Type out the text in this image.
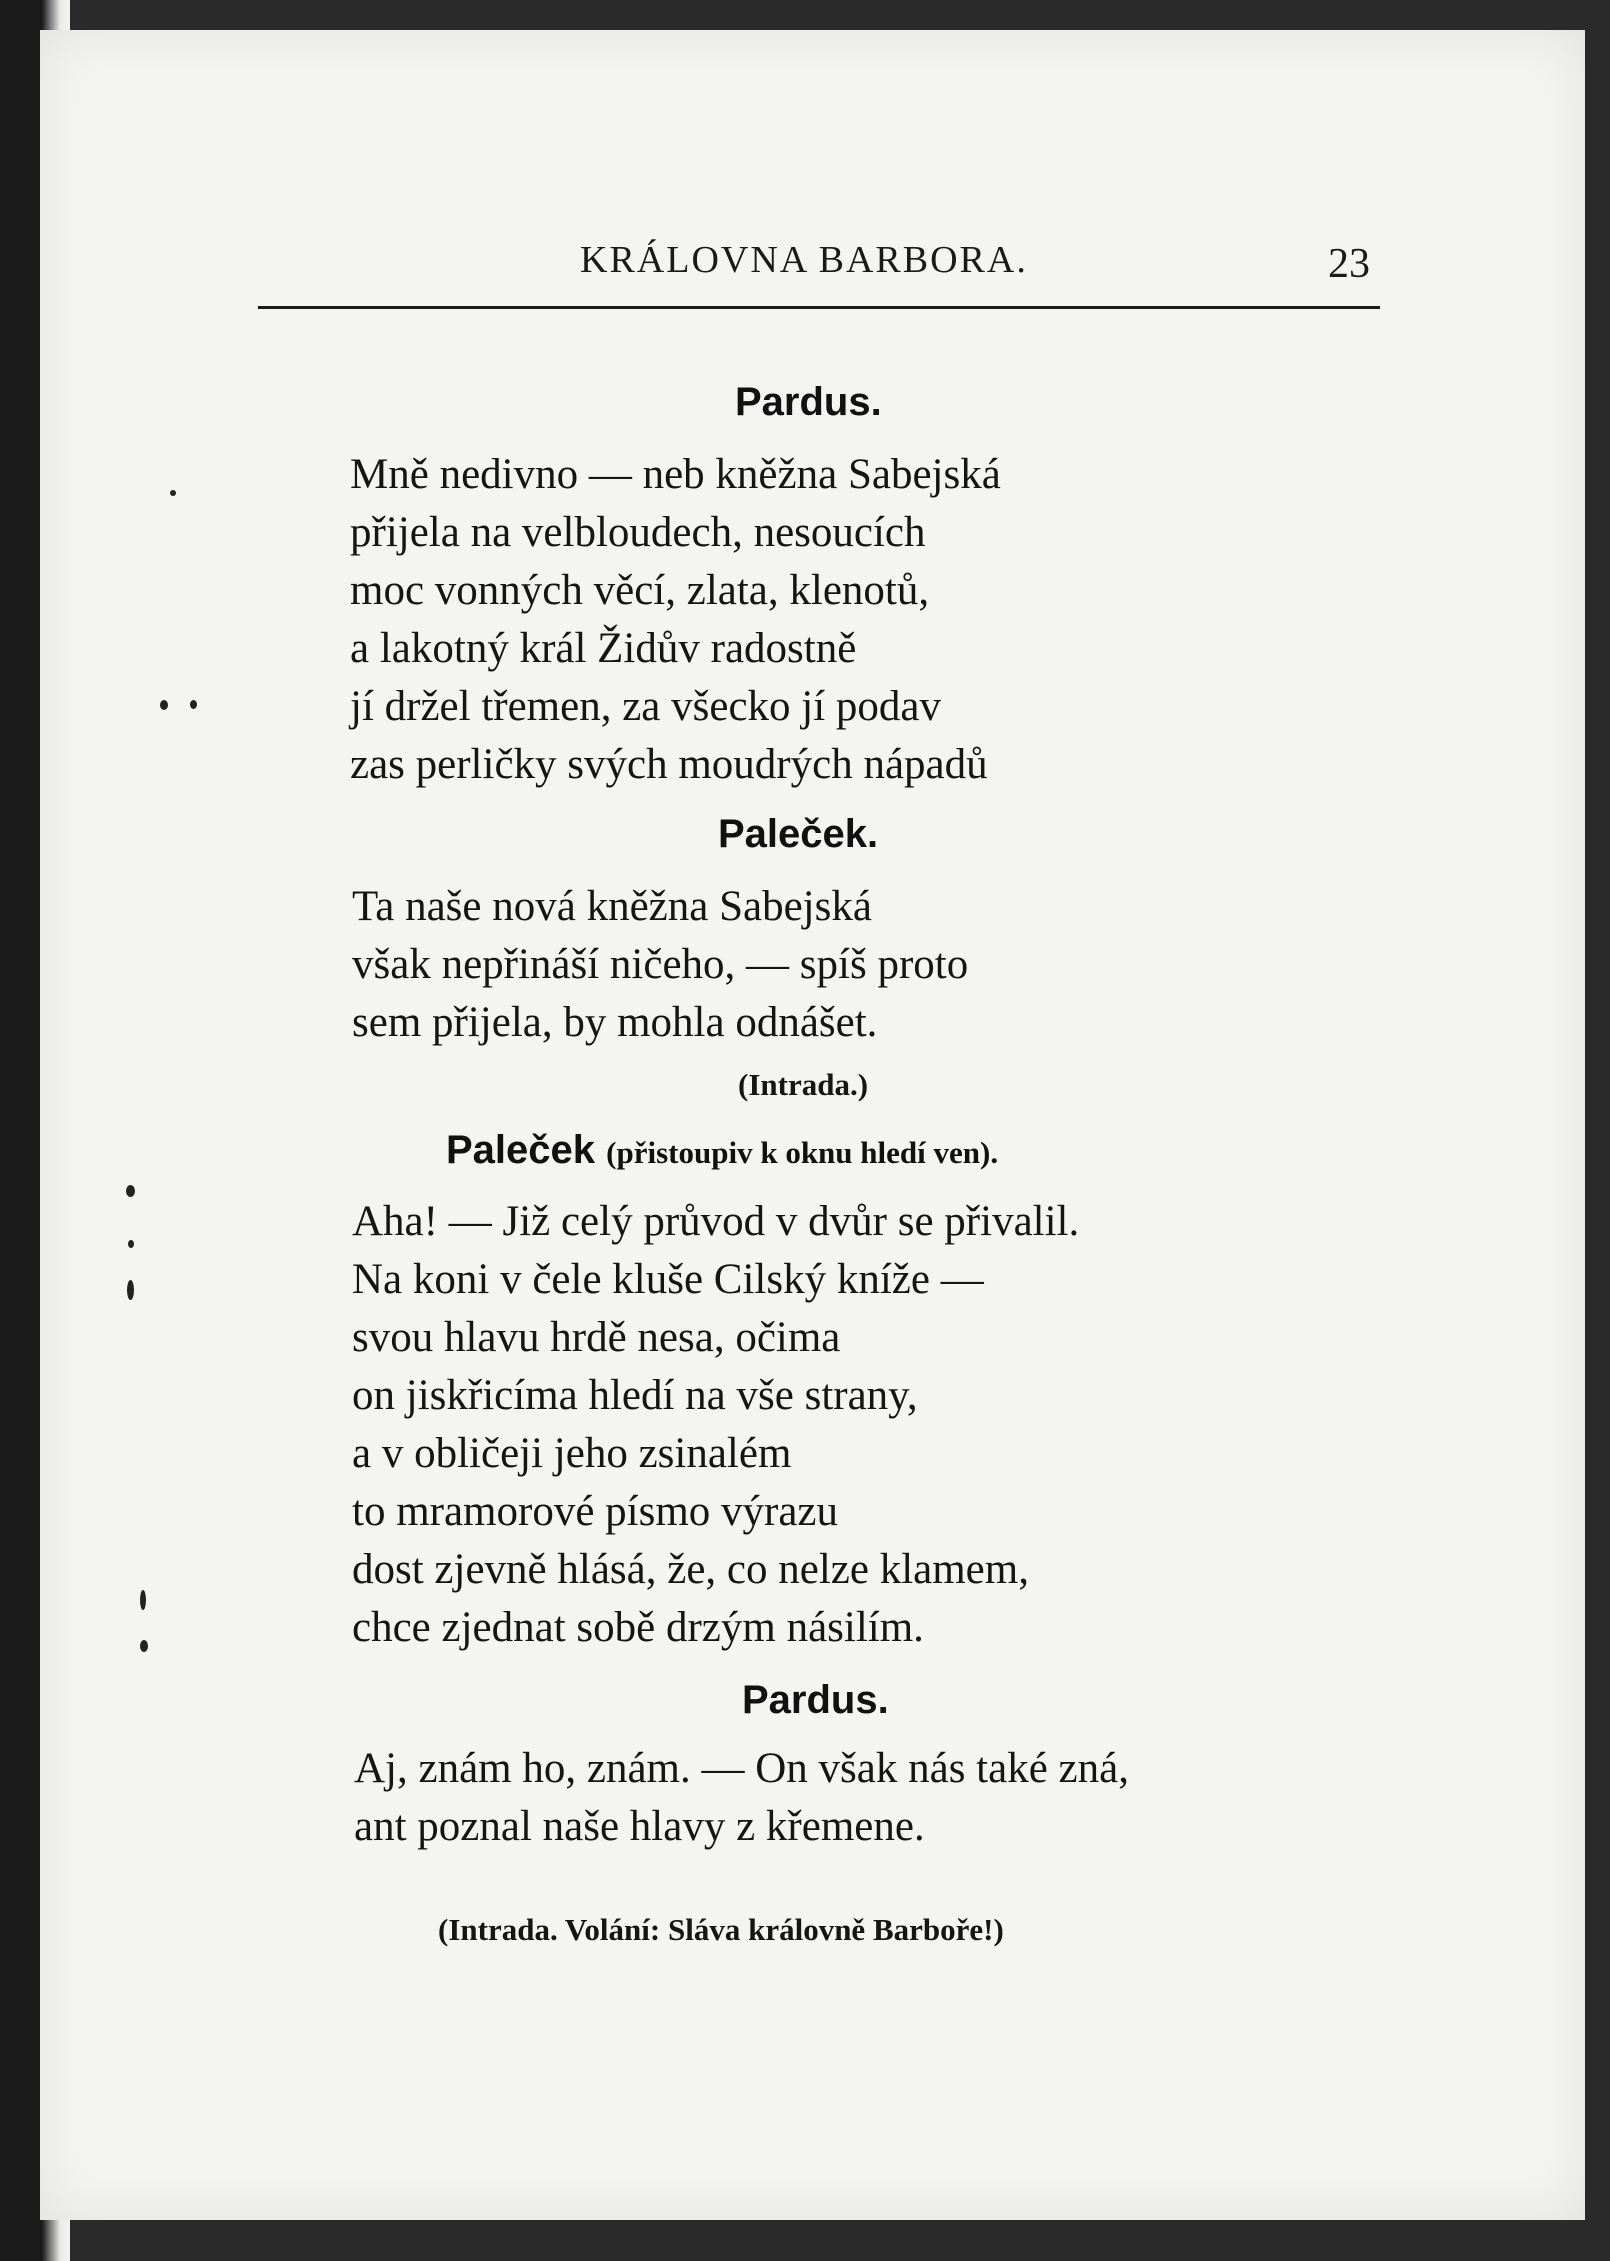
KRÁLOVNA BARBORA.	23
Pardus.
Mně nedivno — neb kněžna Sabejská
přijela na velbloudech, nesoucích
moc vonných věcí, zlata, klenotů,
a lakotný král Židův radostně
jí držel třemen, za všecko jí podav
zas perličky svých moudrých nápadů
Paleček.
Ta naše nová kněžna Sabejská
však nepřináší ničeho, — spíš proto
sem přijela, by mohla odnášet.
(Intrada.)
Paleček (přistoupiv k oknu hledí ven).
Aha! — Již celý průvod v dvůr se přivalil.
Na koni v čele kluše Cilský kníže —
svou hlavu hrdě nesa, očima
on jiskřicíma hledí na vše strany,
a v obličeji jeho zsinalém
to mramorové písmo výrazu
dost zjevně hlásá, že, co nelze klamem,
chce zjednat sobě drzým násilím.
Pardus.
Aj, znám ho, znám. — On však nás také zná,
ant poznal naše hlavy z křemene.
(Intrada. Volání: Sláva královně Barboře!)
